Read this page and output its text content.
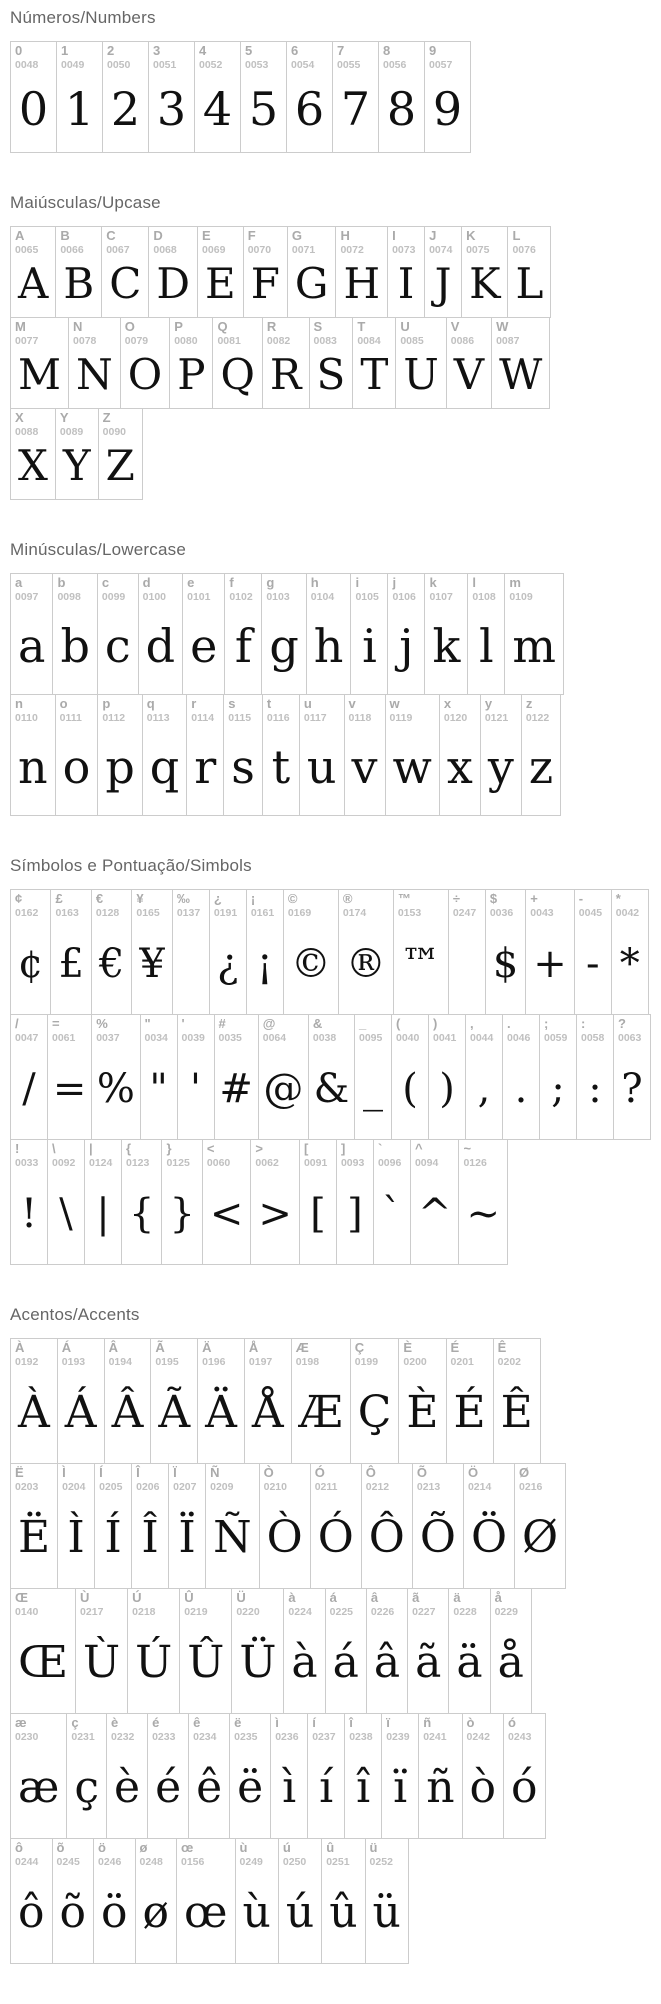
Números/Numbers
0
0048
0
1
0049
1
2
0050
2
3
0051
3
4
0052
4
5
0053
5
6
0054
6
7
0055
7
8
0056
8
9
0057
9
Maiúsculas/Upcase
A
0065
A
B
0066
B
C
0067
C
D
0068
D
E
0069
E
F
0070
F
G
0071
G
H
0072
H
I
0073
I
J
0074
J
K
0075
K
L
0076
L
M
0077
M
N
0078
N
O
0079
O
P
0080
P
Q
0081
Q
R
0082
R
S
0083
S
T
0084
T
U
0085
U
V
0086
V
W
0087
W
X
0088
X
Y
0089
Y
Z
0090
Z
Minúsculas/Lowercase
a
0097
a
b
0098
b
c
0099
c
d
0100
d
e
0101
e
f
0102
f
g
0103
g
h
0104
h
i
0105
i
j
0106
j
k
0107
k
l
0108
l
m
0109
m
n
0110
n
o
0111
o
p
0112
p
q
0113
q
r
0114
r
s
0115
s
t
0116
t
u
0117
u
v
0118
v
w
0119
w
x
0120
x
y
0121
y
z
0122
z
Símbolos e Pontuação/Simbols
¢
0162
¢
£
0163
£
€
0128
€
¥
0165
¥
‰
0137
¿
0191
¿
¡
0161
¡
©
0169
©
®
0174
®
™
0153
™
÷
0247
$
0036
$
+
0043
+
-
0045
-
*
0042
*
/
0047
/
=
0061
=
%
0037
%
"
0034
"
'
0039
'
#
0035
#
@
0064
@
&
0038
&
_
0095
_
(
0040
(
)
0041
)
,
0044
,
.
0046
.
;
0059
;
:
0058
:
?
0063
?
!
0033
!
\
0092
\
|
0124
|
{
0123
{
}
0125
}
<
0060
<
>
0062
>
[
0091
[
]
0093
]
`
0096
`
^
0094
^
~
0126
~
Acentos/Accents
À
0192
À
Á
0193
Á
Â
0194
Â
Ã
0195
Ã
Ä
0196
Ä
Å
0197
Å
Æ
0198
Æ
Ç
0199
Ç
È
0200
È
É
0201
É
Ê
0202
Ê
Ë
0203
Ë
Ì
0204
Ì
Í
0205
Í
Î
0206
Î
Ï
0207
Ï
Ñ
0209
Ñ
Ò
0210
Ò
Ó
0211
Ó
Ô
0212
Ô
Õ
0213
Õ
Ö
0214
Ö
Ø
0216
Ø
Œ
0140
Œ
Ù
0217
Ù
Ú
0218
Ú
Û
0219
Û
Ü
0220
Ü
à
0224
à
á
0225
á
â
0226
â
ã
0227
ã
ä
0228
ä
å
0229
å
æ
0230
æ
ç
0231
ç
è
0232
è
é
0233
é
ê
0234
ê
ë
0235
ë
ì
0236
ì
í
0237
í
î
0238
î
ï
0239
ï
ñ
0241
ñ
ò
0242
ò
ó
0243
ó
ô
0244
ô
õ
0245
õ
ö
0246
ö
ø
0248
ø
œ
0156
œ
ù
0249
ù
ú
0250
ú
û
0251
û
ü
0252
ü
